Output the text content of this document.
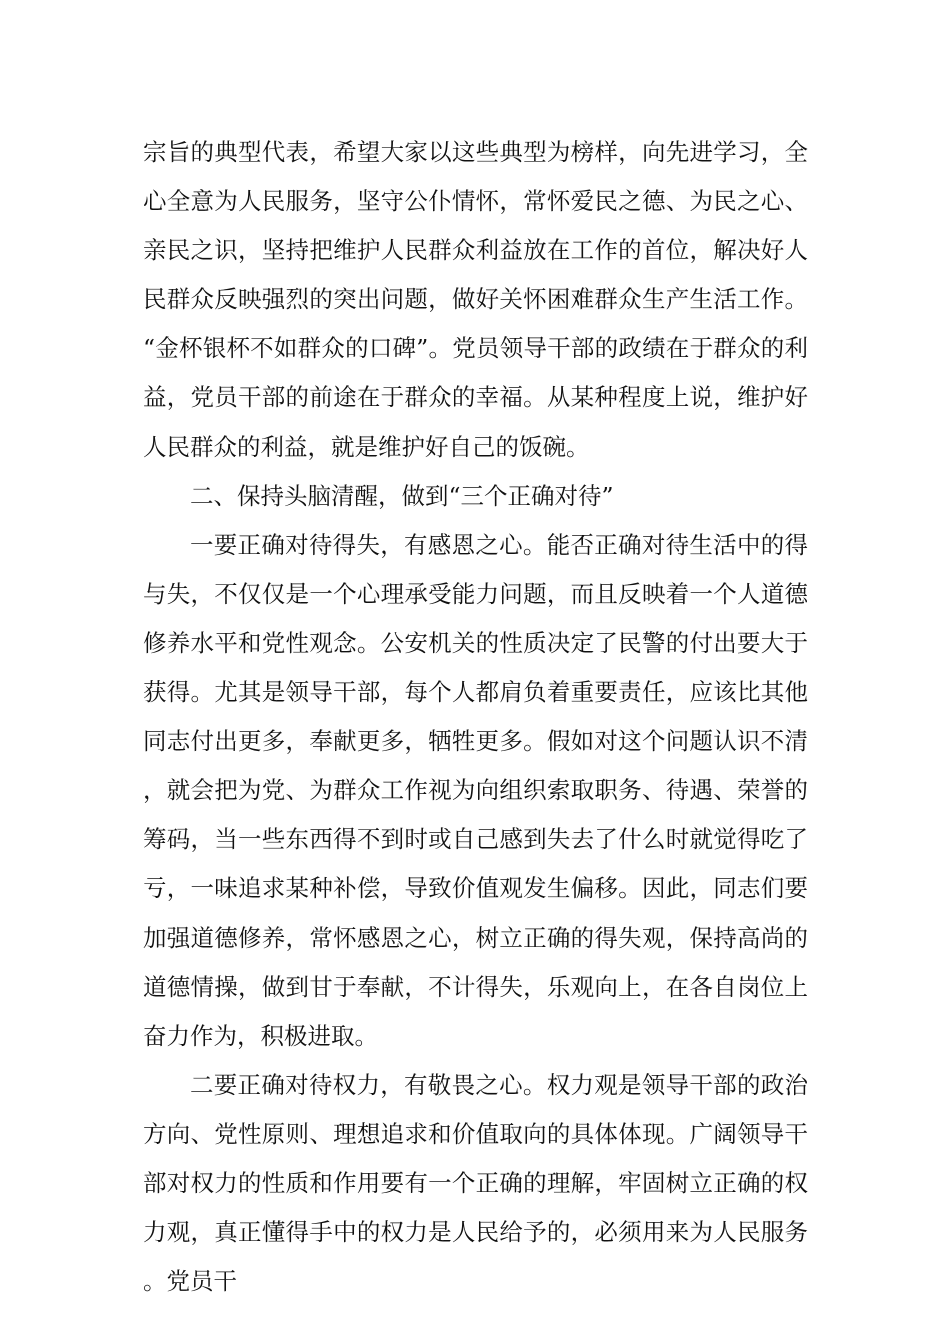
宗旨的典型代表，希望大家以这些典型为榜样，向先进学习，全心全意为人民服务，坚守公仆情怀，常怀爱民之德、为民之心、亲民之识，坚持把维护人民群众利益放在工作的首位，解决好人民群众反映强烈的突出问题，做好关怀困难群众生产生活工作。“金杯银杯不如群众的口碑”。党员领导干部的政绩在于群众的利益，党员干部的前途在于群众的幸福。从某种程度上说，维护好人民群众的利益，就是维护好自己的饭碗。

二、保持头脑清醒，做到“三个正确对待”

一要正确对待得失，有感恩之心。能否正确对待生活中的得与失，不仅仅是一个心理承受能力问题，而且反映着一个人道德修养水平和党性观念。公安机关的性质决定了民警的付出要大于获得。尤其是领导干部，每个人都肩负着重要责任，应该比其他同志付出更多，奉献更多，牺牲更多。假如对这个问题认识不清，就会把为党、为群众工作视为向组织索取职务、待遇、荣誉的筹码，当一些东西得不到时或自己感到失去了什么时就觉得吃了亏，一味追求某种补偿，导致价值观发生偏移。因此，同志们要加强道德修养，常怀感恩之心，树立正确的得失观，保持高尚的道德情操，做到甘于奉献，不计得失，乐观向上，在各自岗位上奋力作为，积极进取。

二要正确对待权力，有敬畏之心。权力观是领导干部的政治方向、党性原则、理想追求和价值取向的具体体现。广阔领导干部对权力的性质和作用要有一个正确的理解，牢固树立正确的权力观，真正懂得手中的权力是人民给予的，必须用来为人民服务。党员干
